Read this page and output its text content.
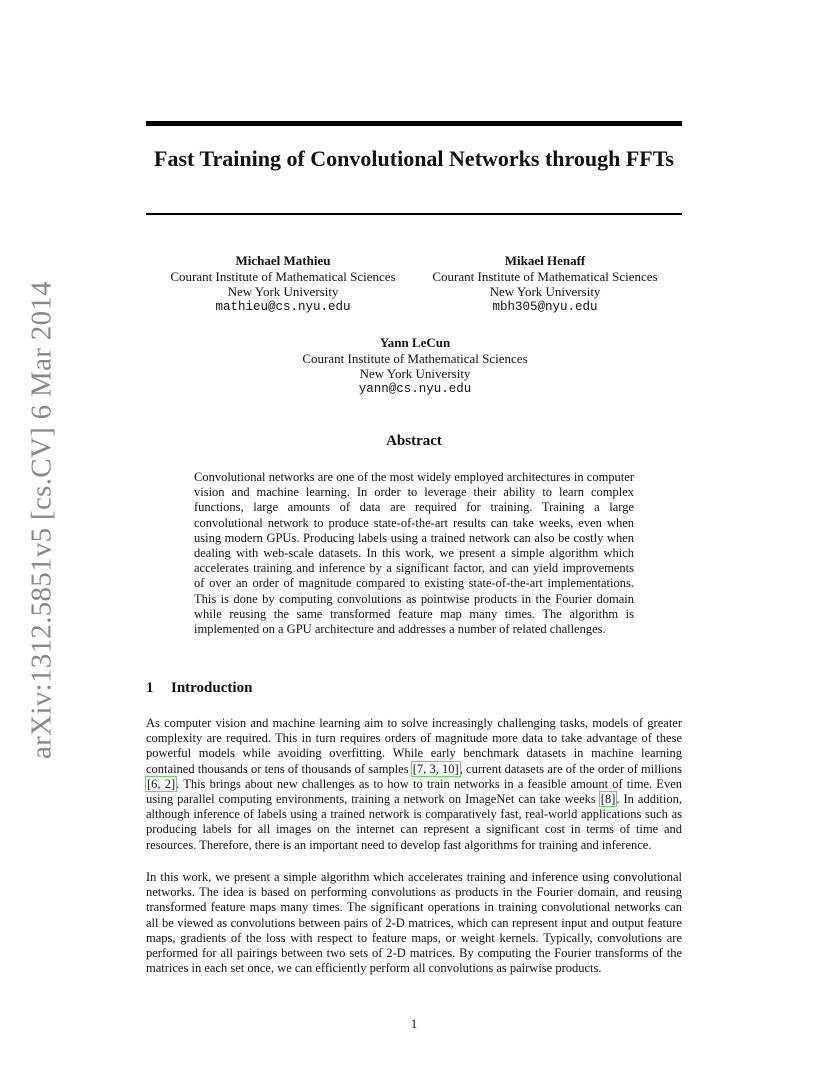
arXiv:1312.5851v5 [cs.CV] 6 Mar 2014
Fast Training of Convolutional Networks through FFTs
Michael Mathieu
Courant Institute of Mathematical Sciences
New York University
mathieu@cs.nyu.edu
Mikael Henaff
Courant Institute of Mathematical Sciences
New York University
mbh305@nyu.edu
Yann LeCun
Courant Institute of Mathematical Sciences
New York University
yann@cs.nyu.edu
Abstract
Convolutional networks are one of the most widely employed architectures in computer vision and machine learning. In order to leverage their ability to learn complex functions, large amounts of data are required for training. Training a large convolutional network to produce state-of-the-art results can take weeks, even when using modern GPUs. Producing labels using a trained network can also be costly when dealing with web-scale datasets. In this work, we present a simple algorithm which accelerates training and inference by a significant factor, and can yield improvements of over an order of magnitude compared to existing state-of-the-art implementations. This is done by computing convolutions as pointwise products in the Fourier domain while reusing the same transformed feature map many times. The algorithm is implemented on a GPU architecture and addresses a number of related challenges.
1 Introduction
As computer vision and machine learning aim to solve increasingly challenging tasks, models of greater complexity are required. This in turn requires orders of magnitude more data to take advantage of these powerful models while avoiding overfitting. While early benchmark datasets in machine learning contained thousands or tens of thousands of samples [7, 3, 10], current datasets are of the order of millions [6, 2]. This brings about new challenges as to how to train networks in a feasible amount of time. Even using parallel computing environments, training a network on ImageNet can take weeks [8]. In addition, although inference of labels using a trained network is comparatively fast, real-world applications such as producing labels for all images on the internet can represent a significant cost in terms of time and resources. Therefore, there is an important need to develop fast algorithms for training and inference.
In this work, we present a simple algorithm which accelerates training and inference using convolutional networks. The idea is based on performing convolutions as products in the Fourier domain, and reusing transformed feature maps many times. The significant operations in training convolutional networks can all be viewed as convolutions between pairs of 2-D matrices, which can represent input and output feature maps, gradients of the loss with respect to feature maps, or weight kernels. Typically, convolutions are performed for all pairings between two sets of 2-D matrices. By computing the Fourier transforms of the matrices in each set once, we can efficiently perform all convolutions as pairwise products.
1
